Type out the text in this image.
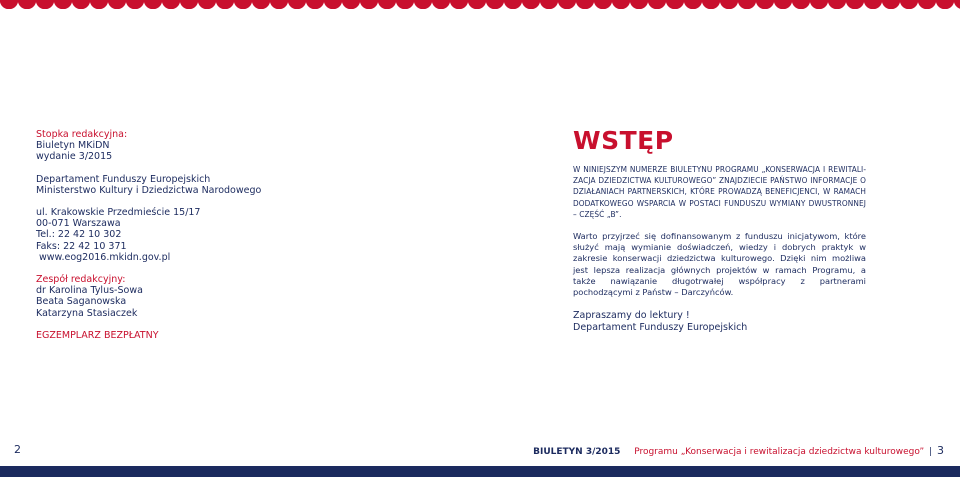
Stopka redakcyjna:

Biuletyn MKiDN

wydanie 3/2015

Departament Funduszy Europejskich

Ministerstwo Kultury i Dziedzictwa Narodowego

ul. Krakowskie Przedmieście 15/17

00-071 Warszawa

Tel.: 22 42 10 302

Faks: 22 42 10 371

www.eog2016.mkidn.gov.pl

Zespół redakcyjny:

dr Karolina Tylus-Sowa

Beata Saganowska

Katarzyna Stasiaczek

EGZEMPLARZ BEZPŁATNY

WSTĘP

W NINIEJSZYM NUMERZE BIULETYNU PROGRAMU „KONSERWACJA I REWITALIZACJA DZIEDZICTWA KULTUROWEGO” ZNAJDZIECIE PAŃSTWO INFORMACJE O DZIAŁANIACH PARTNERSKICH, KTÓRE PROWADZĄ BENEFICJENCI, W RAMACH DODATKOWEGO WSPARCIA W POSTACI FUNDUSZU WYMIANY DWUSTRONNEJ – CZĘŚĆ „B”.

Warto przyjrzeć się dofinansowanym z funduszu inicjatywom, które służyć mają wymianie doświadczeń, wiedzy i dobrych praktyk w zakresie konserwacji dziedzictwa kulturowego. Dzięki nim możliwa jest lepsza realizacja głównych projektów w ramach Programu, a także nawiązanie długotrwałej współpracy z partnerami pochodzącymi z Państw – Darczyńców.

Zapraszamy do lektury !

Departament Funduszy Europejskich

2	BIULETYN 3/2015 Programu „Konserwacja i rewitalizacja dziedzictwa kulturowego” | 3
